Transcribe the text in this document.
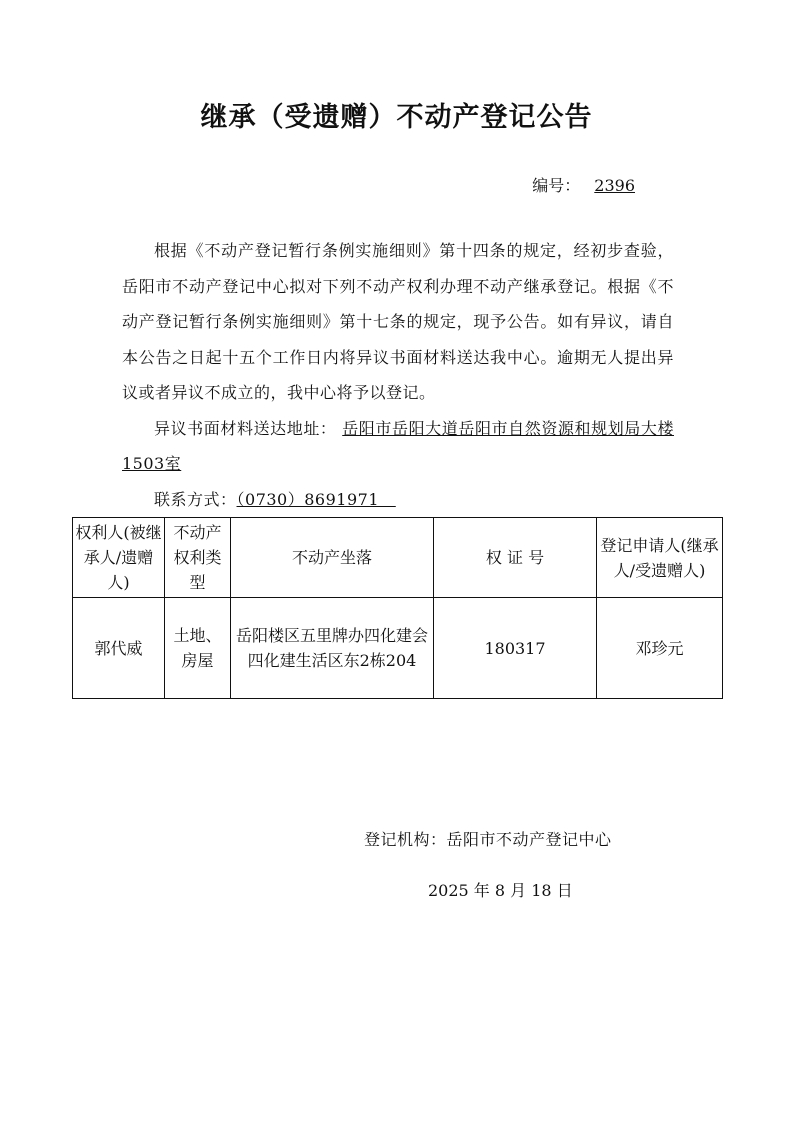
继承（受遗赠）不动产登记公告
编号： 2396

根据《不动产登记暂行条例实施细则》第十四条的规定，经初步查验，岳阳市不动产登记中心拟对下列不动产权利办理不动产继承登记。根据《不动产登记暂行条例实施细则》第十七条的规定，现予公告。如有异议，请自本公告之日起十五个工作日内将异议书面材料送达我中心。逾期无人提出异议或者异议不成立的，我中心将予以登记。

异议书面材料送达地址： 岳阳市岳阳大道岳阳市自然资源和规划局大楼1503室

联系方式：（0730）8691971

权利人(被继承人/遗赠人)	不动产权利类型	不动产坐落	权 证 号	登记申请人(继承人/受遗赠人)
郭代威	土地、房屋	岳阳楼区五里牌办四化建会四化建生活区东2栋204	180317	邓珍元
登记机构：岳阳市不动产登记中心
2025 年 8 月 18 日
